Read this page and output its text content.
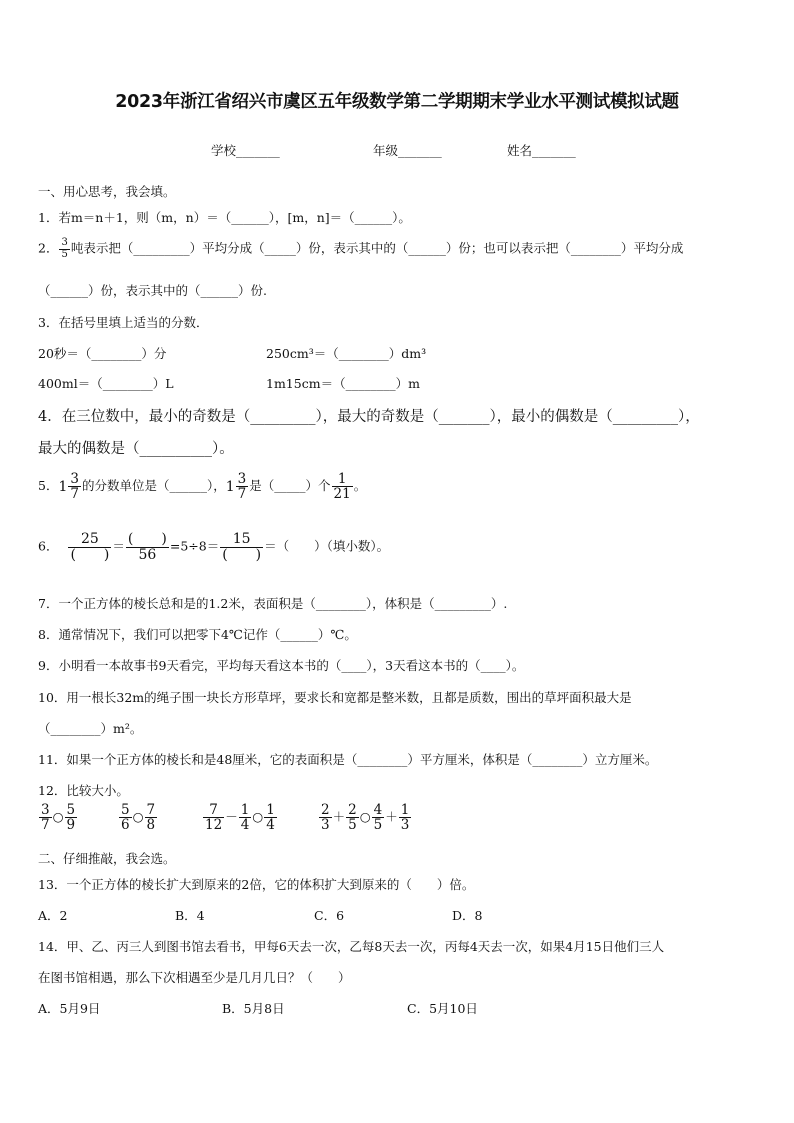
2023年浙江省绍兴市虞区五年级数学第二学期期末学业水平测试模拟试题
学校_______	年级_______	姓名_______
一、用心思考，我会填。
1．若m＝n＋1，则（m，n）＝（______），[m，n]＝（______）。
2． $\frac{3}{5}$ 吨表示把（_________）平均分成（_____）份，表示其中的（______）份；也可以表示把（________）平均分成
（______）份，表示其中的（______）份.
3．在括号里填上适当的分数．
20秒＝（________）分	250cm³＝（________）dm³
400ml＝（________）L	1m15cm＝（________）m
4．在三位数中，最小的奇数是（_________），最大的奇数是（_______），最小的偶数是（_________），
最大的偶数是（__________）。
5．$1 \frac{3}{7}$ 的分数单位是（______），$1 \frac{3}{7}$ 是（_____）个 $\frac{1}{21}$ 。
6． $\frac{25}{( )} = \frac{( )}{56} =5\div 8= \frac{15}{( )}$ ＝（　　）（填小数）。
7．一个正方体的棱长总和是的1.2米，表面积是（________），体积是（_________）.
8．通常情况下，我们可以把零下4℃记作（______）℃。
9．小明看一本故事书9天看完，平均每天看这本书的（____），3天看这本书的（____）。
10．用一根长32m的绳子围一块长方形草坪，要求长和宽都是整米数，且都是质数，围出的草坪面积最大是
（________）m²。
11．如果一个正方体的棱长和是48厘米，它的表面积是（________）平方厘米，体积是（________）立方厘米。
12．比较大小。
$\frac{3}{7}$ ○ $\frac{5}{9}$	$\frac{5}{6}$ ○ $\frac{7}{8}$	$\frac{7}{12} - \frac{1}{4}$ ○ $\frac{1}{4}$	$\frac{2}{3} + \frac{2}{5}$ ○ $\frac{4}{5} + \frac{1}{3}$
二、仔细推敲，我会选。
13．一个正方体的棱长扩大到原来的2倍，它的体积扩大到原来的（　　）倍。
A．2	B．4	C．6	D．8
14．甲、乙、丙三人到图书馆去看书，甲每6天去一次，乙每8天去一次，丙每4天去一次，如果4月15日他们三人
在图书馆相遇，那么下次相遇至少是几月几日？（　　）
A．5月9日	B．5月8日	C．5月10日
